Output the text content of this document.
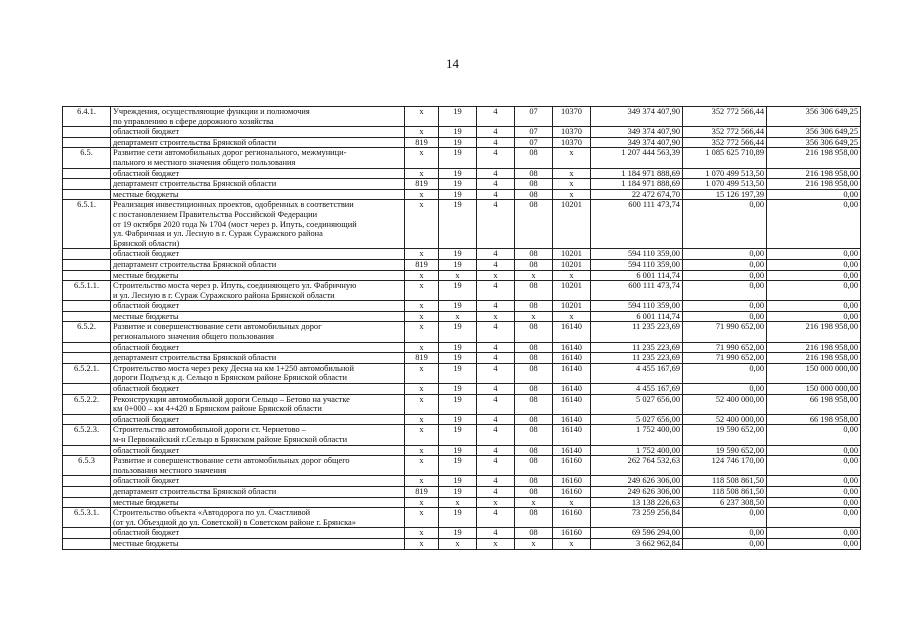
14
6.4.1.	Учреждения, осуществляющие функции и полномочия
по управлению в сфере дорожного хозяйства	x	19	4	07	10370	349 374 407,90	352 772 566,44	356 306 649,25
	областной бюджет	x	19	4	07	10370	349 374 407,90	352 772 566,44	356 306 649,25
	департамент строительства Брянской области	819	19	4	07	10370	349 374 407,90	352 772 566,44	356 306 649,25
6.5.	Развитие сети автомобильных дорог регионального, межмуници-
пального и местного значения общего пользования	x	19	4	08	x	1 207 444 563,39	1 085 625 710,89	216 198 958,00
	областной бюджет	x	19	4	08	x	1 184 971 888,69	1 070 499 513,50	216 198 958,00
	департамент строительства Брянской области	819	19	4	08	x	1 184 971 888,69	1 070 499 513,50	216 198 958,00
	местные бюджеты	x	19	4	08	x	22 472 674,70	15 126 197,39	0,00
6.5.1.	Реализация инвестиционных проектов, одобренных в соответствии
с постановлением Правительства Российской Федерации
от 19 октября 2020 года № 1704 (мост через р. Ипуть, соединяющий
ул. Фабричная и ул. Лесную в г. Сураж Суражского района
Брянской области)	x	19	4	08	10201	600 111 473,74	0,00	0,00
	областной бюджет	x	19	4	08	10201	594 110 359,00	0,00	0,00
	департамент строительства Брянской области	819	19	4	08	10201	594 110 359,00	0,00	0,00
	местные бюджеты	x	x	x	x	x	6 001 114,74	0,00	0,00
6.5.1.1.	Строительство моста через р. Ипуть, соединяющего ул. Фабричную
и ул. Лесную в г. Сураж Суражского района Брянской области	x	19	4	08	10201	600 111 473,74	0,00	0,00
	областной бюджет	x	19	4	08	10201	594 110 359,00	0,00	0,00
	местные бюджеты	x	x	x	x	x	6 001 114,74	0,00	0,00
6.5.2.	Развитие и совершенствование сети автомобильных дорог
регионального значения общего пользования	x	19	4	08	16140	11 235 223,69	71 990 652,00	216 198 958,00
	областной бюджет	x	19	4	08	16140	11 235 223,69	71 990 652,00	216 198 958,00
	департамент строительства Брянской области	819	19	4	08	16140	11 235 223,69	71 990 652,00	216 198 958,00
6.5.2.1.	Строительство моста через реку Десна на км 1+250 автомобильной
дороги Подъезд к д. Сельцо в Брянском районе Брянской области	x	19	4	08	16140	4 455 167,69	0,00	150 000 000,00
	областной бюджет	x	19	4	08	16140	4 455 167,69	0,00	150 000 000,00
6.5.2.2.	Реконструкция автомобильной дороги Сельцо – Бетово на участке
км 0+000 – км 4+420 в Брянском районе Брянской области	x	19	4	08	16140	5 027 656,00	52 400 000,00	66 198 958,00
	областной бюджет	x	19	4	08	16140	5 027 656,00	52 400 000,00	66 198 958,00
6.5.2.3.	Строительство автомобильной дороги ст. Чернетово –
м-н Первомайский г.Сельцо в Брянском районе Брянской области	x	19	4	08	16140	1 752 400,00	19 590 652,00	0,00
	областной бюджет	x	19	4	08	16140	1 752 400,00	19 590 652,00	0,00
6.5.3	Развитие и совершенствование сети автомобильных дорог общего
пользования местного значения	x	19	4	08	16160	262 764 532,63	124 746 170,00	0,00
	областной бюджет	x	19	4	08	16160	249 626 306,00	118 508 861,50	0,00
	департамент строительства Брянской области	819	19	4	08	16160	249 626 306,00	118 508 861,50	0,00
	местные бюджеты	x	x	x	x	x	13 138 226,63	6 237 308,50	0,00
6.5.3.1.	Строительство объекта «Автодорога по ул. Счастливой
(от ул. Объездной до ул. Советской) в Советском районе г. Брянска»	x	19	4	08	16160	73 259 256,84	0,00	0,00
	областной бюджет	x	19	4	08	16160	69 596 294,00	0,00	0,00
	местные бюджеты	x	x	x	x	x	3 662 962,84	0,00	0,00
